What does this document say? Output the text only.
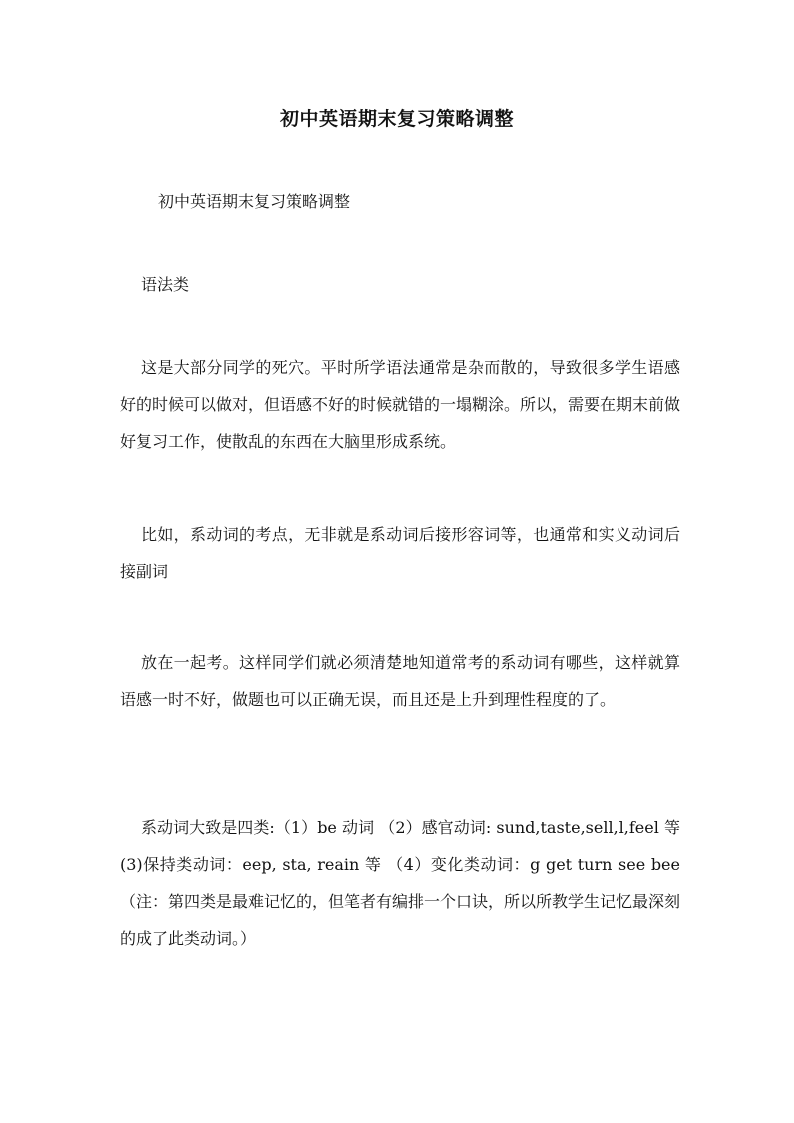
初中英语期末复习策略调整

初中英语期末复习策略调整

语法类

这是大部分同学的死穴。平时所学语法通常是杂而散的，导致很多学生语感好的时候可以做对，但语感不好的时候就错的一塌糊涂。所以，需要在期末前做好复习工作，使散乱的东西在大脑里形成系统。

比如，系动词的考点，无非就是系动词后接形容词等，也通常和实义动词后接副词

放在一起考。这样同学们就必须清楚地知道常考的系动词有哪些，这样就算语感一时不好，做题也可以正确无误，而且还是上升到理性程度的了。

系动词大致是四类:（1）be 动词 （2）感官动词: sund,taste,sell,l,feel 等 (3)保持类动词：eep, sta, reain 等 （4）变化类动词：g get turn see bee（注：第四类是最难记忆的，但笔者有编排一个口诀，所以所教学生记忆最深刻的成了此类动词。）
